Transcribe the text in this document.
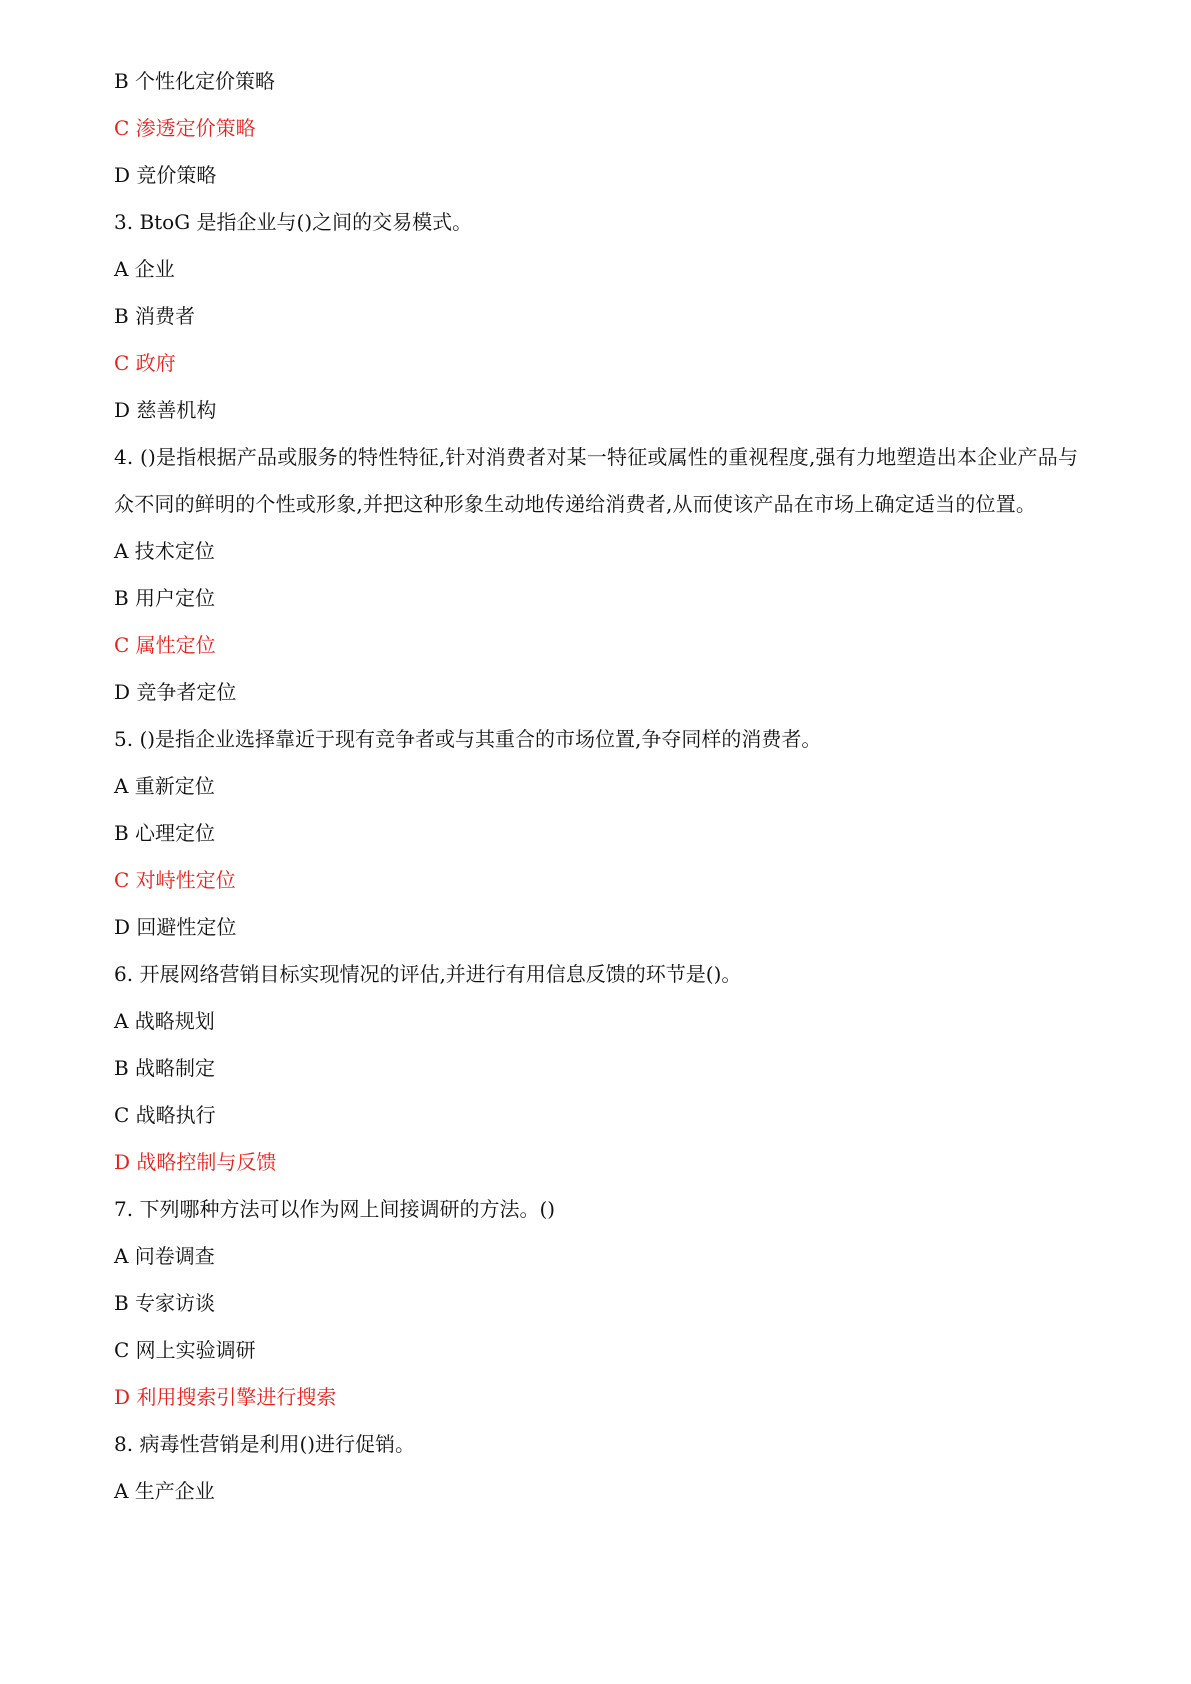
B 个性化定价策略
C 渗透定价策略
D 竞价策略
3. BtoG 是指企业与()之间的交易模式。
A 企业
B 消费者
C 政府
D 慈善机构
4. ()是指根据产品或服务的特性特征,针对消费者对某一特征或属性的重视程度,强有力地塑造出本企业产品与众不同的鲜明的个性或形象,并把这种形象生动地传递给消费者,从而使该产品在市场上确定适当的位置。
A 技术定位
B 用户定位
C 属性定位
D 竞争者定位
5. ()是指企业选择靠近于现有竞争者或与其重合的市场位置,争夺同样的消费者。
A 重新定位
B 心理定位
C 对峙性定位
D 回避性定位
6. 开展网络营销目标实现情况的评估,并进行有用信息反馈的环节是()。
A 战略规划
B 战略制定
C 战略执行
D 战略控制与反馈
7. 下列哪种方法可以作为网上间接调研的方法。()
A 问卷调查
B 专家访谈
C 网上实验调研
D 利用搜索引擎进行搜索
8. 病毒性营销是利用()进行促销。
A 生产企业
